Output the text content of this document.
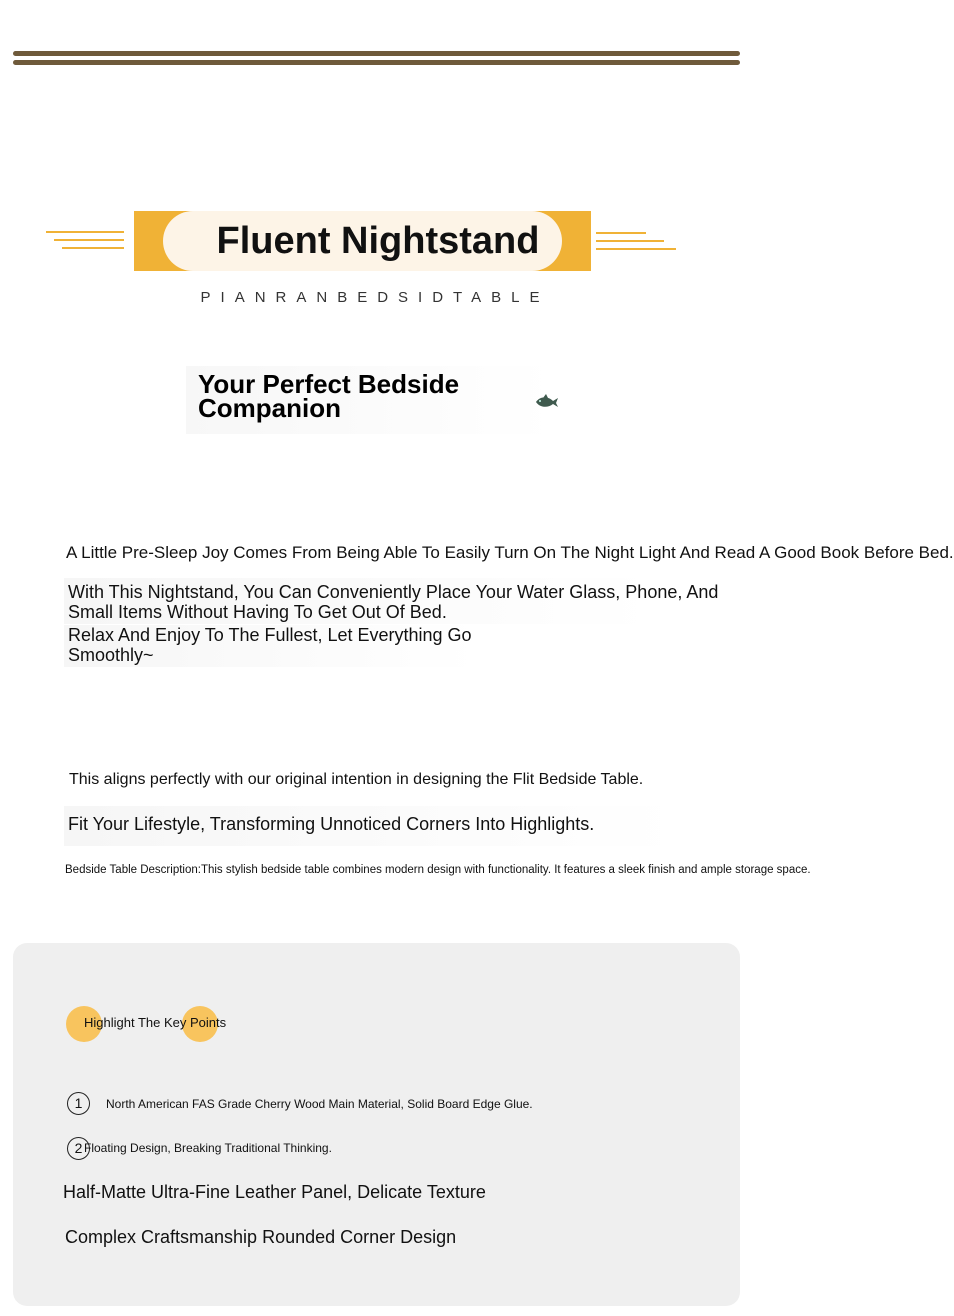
Fluent Nightstand
PIANRANBEDSIDTABLE
Your Perfect Bedside Companion
A Little Pre-Sleep Joy Comes From Being Able To Easily Turn On The Night Light And Read A Good Book Before Bed.
With This Nightstand, You Can Conveniently Place Your Water Glass, Phone, And Small Items Without Having To Get Out Of Bed.
Relax And Enjoy To The Fullest, Let Everything Go Smoothly~
This aligns perfectly with our original intention in designing the Flit Bedside Table.
Fit Your Lifestyle, Transforming Unnoticed Corners Into Highlights.
Bedside Table Description:This stylish bedside table combines modern design with functionality. It features a sleek finish and ample storage space.
Highlight The Key Points
1	North American FAS Grade Cherry Wood Main Material, Solid Board Edge Glue.
2 Floating Design, Breaking Traditional Thinking.
Half-Matte Ultra-Fine Leather Panel, Delicate Texture
Complex Craftsmanship Rounded Corner Design
